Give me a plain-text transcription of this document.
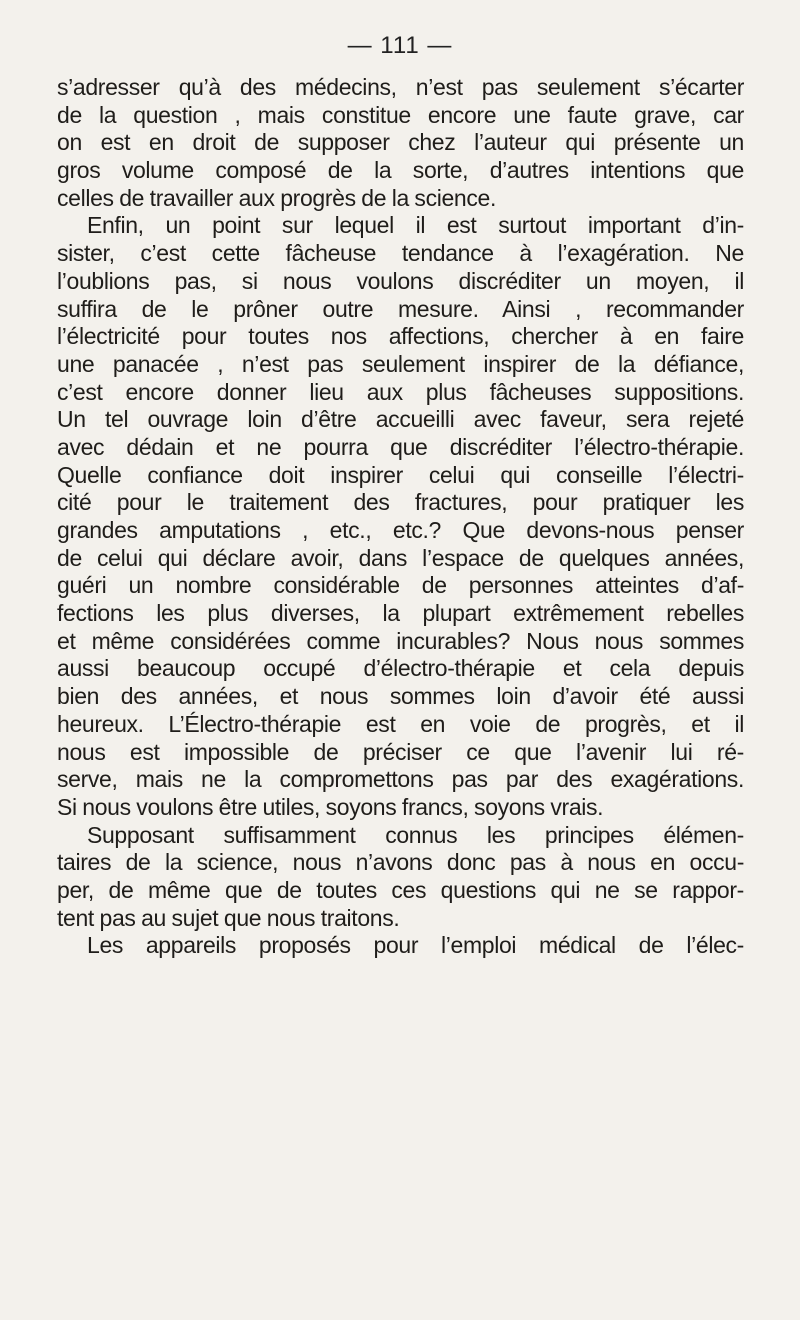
— 111 —
s’adresser qu’à des médecins, n’est pas seulement s’écarter
de la question , mais constitue encore une faute grave, car
on est en droit de supposer chez l’auteur qui présente un
gros volume composé de la sorte, d’autres intentions que
celles de travailler aux progrès de la science.
Enfin, un point sur lequel il est surtout important d’in-
sister, c’est cette fâcheuse tendance à l’exagération. Ne
l’oublions pas, si nous voulons discréditer un moyen, il
suffira de le prôner outre mesure. Ainsi , recommander
l’électricité pour toutes nos affections, chercher à en faire
une panacée , n’est pas seulement inspirer de la défiance,
c’est encore donner lieu aux plus fâcheuses suppositions.
Un tel ouvrage loin d’être accueilli avec faveur, sera rejeté
avec dédain et ne pourra que discréditer l’électro-thérapie.
Quelle confiance doit inspirer celui qui conseille l’électri-
cité pour le traitement des fractures, pour pratiquer les
grandes amputations , etc., etc.? Que devons-nous penser
de celui qui déclare avoir, dans l’espace de quelques années,
guéri un nombre considérable de personnes atteintes d’af-
fections les plus diverses, la plupart extrêmement rebelles
et même considérées comme incurables? Nous nous sommes
aussi beaucoup occupé d’électro-thérapie et cela depuis
bien des années, et nous sommes loin d’avoir été aussi
heureux. L’Électro-thérapie est en voie de progrès, et il
nous est impossible de préciser ce que l’avenir lui ré-
serve, mais ne la compromettons pas par des exagérations.
Si nous voulons être utiles, soyons francs, soyons vrais.
Supposant suffisamment connus les principes élémen-
taires de la science, nous n’avons donc pas à nous en occu-
per, de même que de toutes ces questions qui ne se rappor-
tent pas au sujet que nous traitons.
Les appareils proposés pour l’emploi médical de l’élec-
